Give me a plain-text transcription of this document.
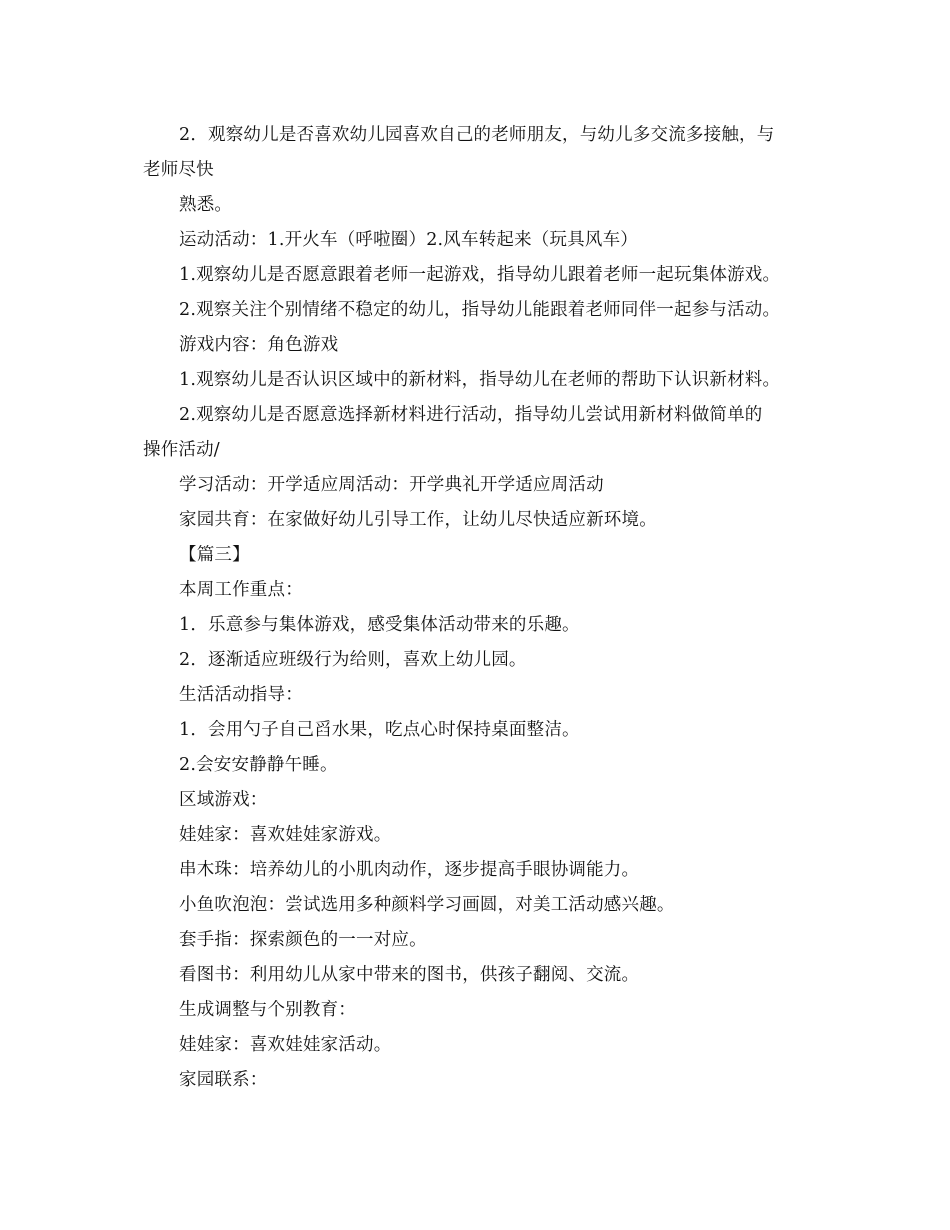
2．观察幼儿是否喜欢幼儿园喜欢自己的老师朋友，与幼儿多交流多接触，与
老师尽快
熟悉。
运动活动：1.开火车（呼啦圈）2.风车转起来（玩具风车）
1.观察幼儿是否愿意跟着老师一起游戏，指导幼儿跟着老师一起玩集体游戏。
2.观察关注个别情绪不稳定的幼儿，指导幼儿能跟着老师同伴一起参与活动。
游戏内容：角色游戏
1.观察幼儿是否认识区域中的新材料，指导幼儿在老师的帮助下认识新材料。
2.观察幼儿是否愿意选择新材料进行活动，指导幼儿尝试用新材料做简单的
操作活动/
学习活动：开学适应周活动：开学典礼开学适应周活动
家园共育：在家做好幼儿引导工作，让幼儿尽快适应新环境。
【篇三】
本周工作重点：
1．乐意参与集体游戏，感受集体活动带来的乐趣。
2．逐渐适应班级行为给则，喜欢上幼儿园。
生活活动指导：
1．会用勺子自己舀水果，吃点心时保持桌面整洁。
2.会安安静静午睡。
区域游戏：
娃娃家：喜欢娃娃家游戏。
串木珠：培养幼儿的小肌肉动作，逐步提高手眼协调能力。
小鱼吹泡泡：尝试选用多种颜料学习画圆，对美工活动感兴趣。
套手指：探索颜色的一一对应。
看图书：利用幼儿从家中带来的图书，供孩子翻阅、交流。
生成调整与个别教育：
娃娃家：喜欢娃娃家活动。
家园联系：
